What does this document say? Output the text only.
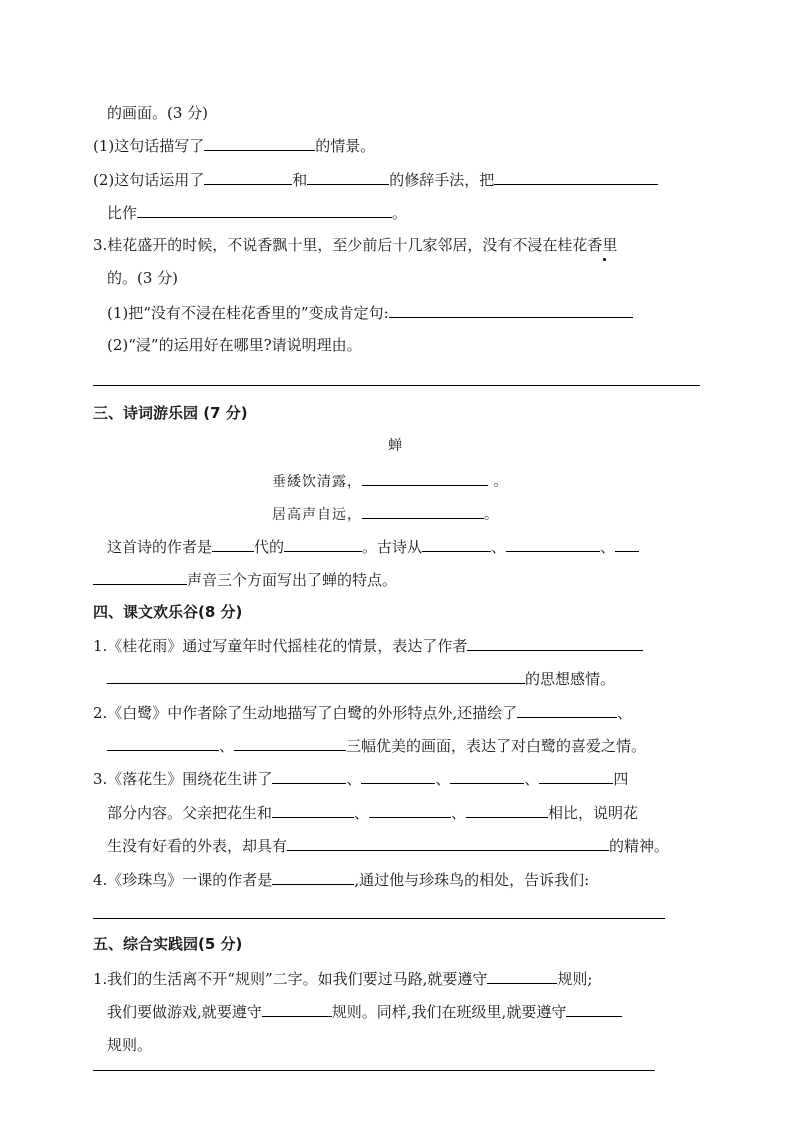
的画面。(3 分)
(1)这句话描写了	的情景。
(2)这句话运用了	和	的修辞手法，把
比作	。
3.桂花盛开的时候，不说香飘十里，至少前后十几家邻居，没有不浸在桂花香里
的。(3 分)
(1)把“没有不浸在桂花香里的”变成肯定句:
(2)“浸”的运用好在哪里?请说明理由。
三、诗词游乐园 (7 分)
蝉
垂緌饮清露，	。
居高声自远，	。
这首诗的作者是	代的	。古诗从	、	、
声音三个方面写出了蝉的特点。
四、课文欢乐谷(8 分)
1.《桂花雨》通过写童年时代摇桂花的情景，表达了作者
的思想感情。
2.《白鹭》中作者除了生动地描写了白鹭的外形特点外,还描绘了	、
、	三幅优美的画面，表达了对白鹭的喜爱之情。
3.《落花生》围绕花生讲了	、	、	、	四
部分内容。父亲把花生和	、	、	相比，说明花
生没有好看的外表，却具有	的精神。
4.《珍珠鸟》一课的作者是	,通过他与珍珠鸟的相处，告诉我们:
五、综合实践园(5 分)
1.我们的生活离不开“规则”二字。如我们要过马路,就要遵守	规则;
我们要做游戏,就要遵守	规则。同样,我们在班级里,就要遵守
规则。
